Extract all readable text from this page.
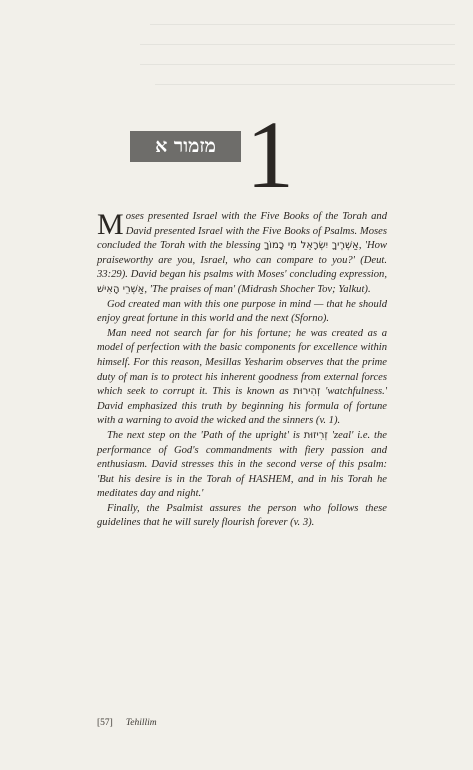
מזמור א 1

Moses presented Israel with the Five Books of the Torah and David presented Israel with the Five Books of Psalms. Moses concluded the Torah with the blessing אַשְׁרֶיךָ יִשְׂרָאֵל מִי כָמוֹךָ, 'How praiseworthy are you, Israel, who can compare to you?' (Deut. 33:29). David began his psalms with Moses' concluding expression, אַשְׁרֵי הָאִישׁ, 'The praises of man' (Midrash Shocher Tov; Yalkut).

God created man with this one purpose in mind — that he should enjoy great fortune in this world and the next (Sforno).

Man need not search far for his fortune; he was created as a model of perfection with the basic components for excellence within himself. For this reason, Mesillas Yesharim observes that the prime duty of man is to protect his inherent goodness from external forces which seek to corrupt it. This is known as זְהִירוּת 'watchfulness.' David emphasized this truth by beginning his formula of fortune with a warning to avoid the wicked and the sinners (v. 1).

The next step on the 'Path of the upright' is זְרִיזוּת 'zeal' i.e. the performance of God's commandments with fiery passion and enthusiasm. David stresses this in the second verse of this psalm: 'But his desire is in the Torah of HASHEM, and in his Torah he meditates day and night.'

Finally, the Psalmist assures the person who follows these guidelines that he will surely flourish forever (v. 3).

[57] Tehillim
